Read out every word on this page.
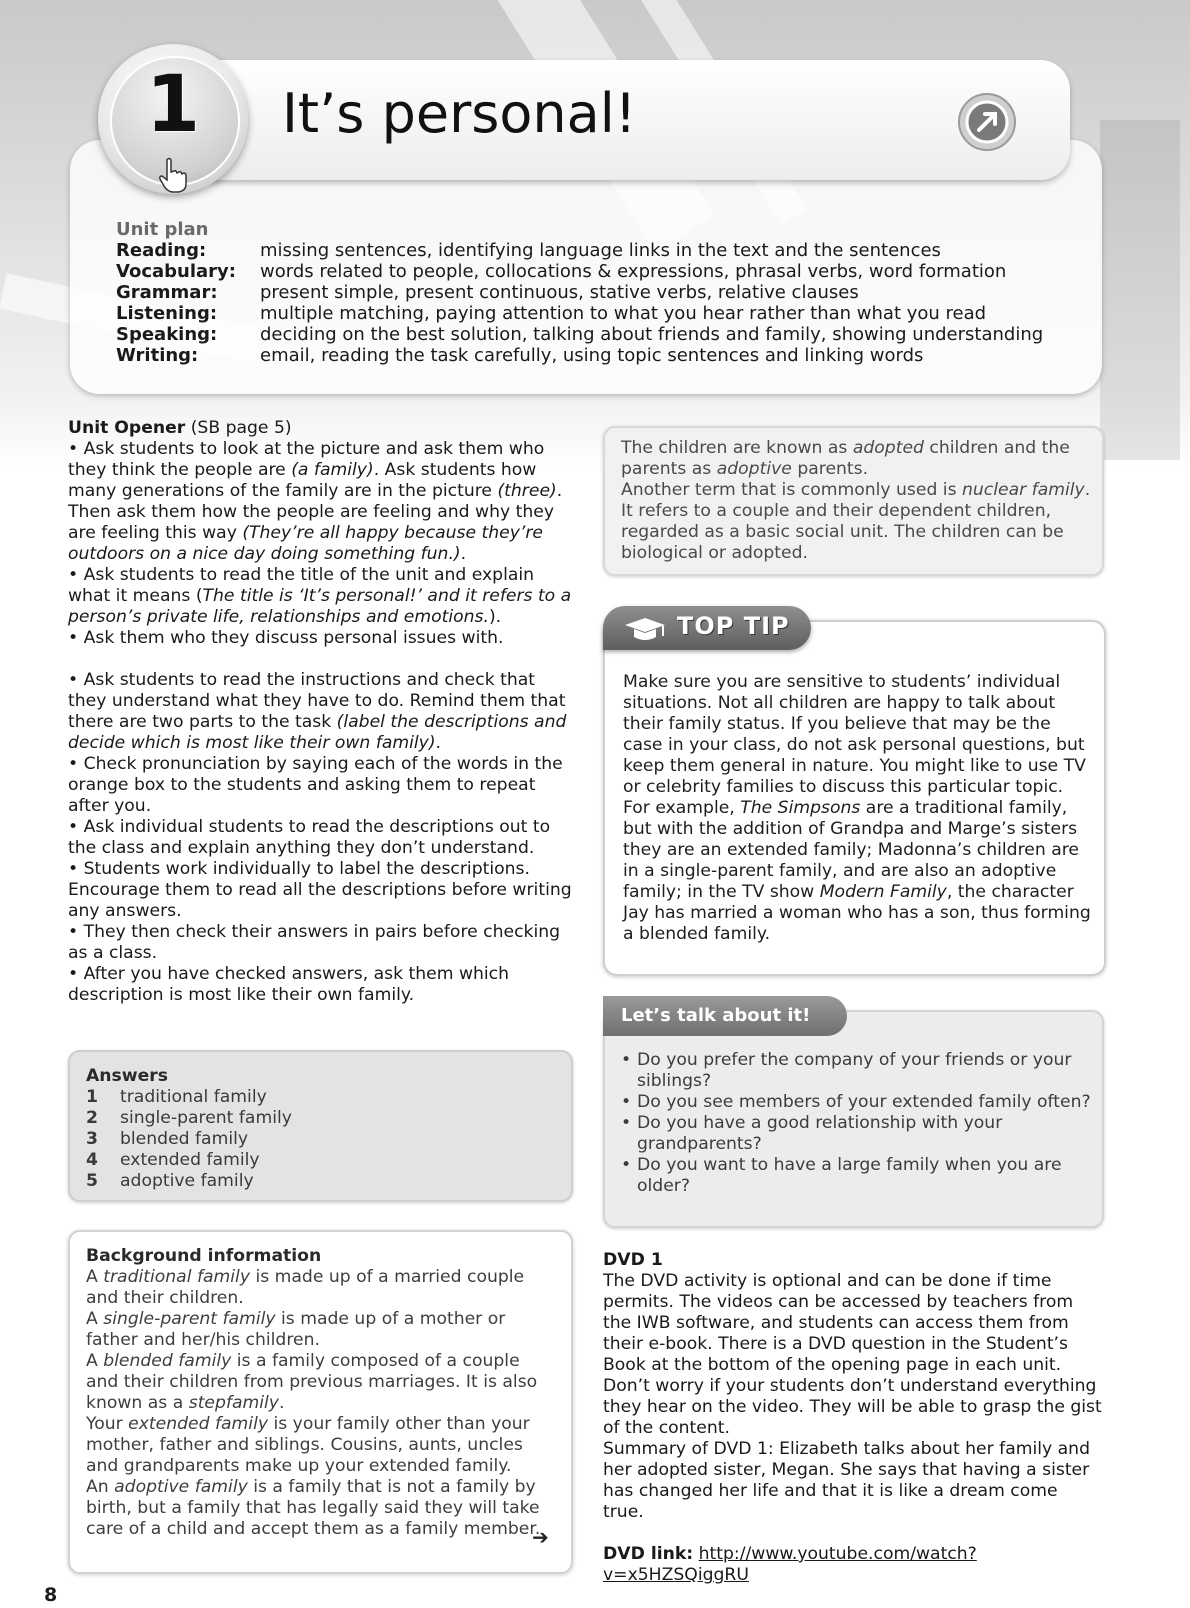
It’s personal!
1
Unit plan
Reading:	missing sentences, identifying language links in the text and the sentences
Vocabulary:	words related to people, collocations & expressions, phrasal verbs, word formation
Grammar:	present simple, present continuous, stative verbs, relative clauses
Listening:	multiple matching, paying attention to what you hear rather than what you read
Speaking:	deciding on the best solution, talking about friends and family, showing understanding
Writing:	email, reading the task carefully, using topic sentences and linking words

Unit Opener (SB page 5)

• Ask students to look at the picture and ask them who they think the people are (a family). Ask students how many generations of the family are in the picture (three). Then ask them how the people are feeling and why they are feeling this way (They’re all happy because they’re outdoors on a nice day doing something fun.).

• Ask students to read the title of the unit and explain what it means (The title is ‘It’s personal!’ and it refers to a person’s private life, relationships and emotions.).

• Ask them who they discuss personal issues with.

• Ask students to read the instructions and check that they understand what they have to do. Remind them that there are two parts to the task (label the descriptions and decide which is most like their own family).

• Check pronunciation by saying each of the words in the orange box to the students and asking them to repeat after you.

• Ask individual students to read the descriptions out to the class and explain anything they don’t understand.

• Students work individually to label the descriptions. Encourage them to read all the descriptions before writing any answers.

• They then check their answers in pairs before checking as a class.

• After you have checked answers, ask them which description is most like their own family.

Answers
1	traditional family
2	single-parent family
3	blended family
4	extended family
5	adoptive family
Background information
A traditional family is made up of a married couple and their children.
A single-parent family is made up of a mother or father and her/his children.
A blended family is a family composed of a couple and their children from previous marriages. It is also known as a stepfamily.
Your extended family is your family other than your mother, father and siblings. Cousins, aunts, uncles and grandparents make up your extended family.
An adoptive family is a family that is not a family by birth, but a family that has legally said they will take care of a child and accept them as a family member.
➔
The children are known as adopted children and the parents as adoptive parents.
Another term that is commonly used is nuclear family. It refers to a couple and their dependent children, regarded as a basic social unit. The children can be biological or adopted.
Make sure you are sensitive to students’ individual situations. Not all children are happy to talk about their family status. If you believe that may be the case in your class, do not ask personal questions, but keep them general in nature. You might like to use TV or celebrity families to discuss this particular topic. For example, The Simpsons are a traditional family, but with the addition of Grandpa and Marge’s sisters they are an extended family; Madonna’s children are in a single-parent family, and are also an adoptive family; in the TV show Modern Family, the character Jay has married a woman who has a son, thus forming a blended family.
TOP TIP
• Do you prefer the company of your friends or your siblings?
• Do you see members of your extended family often?
• Do you have a good relationship with your grandparents?
• Do you want to have a large family when you are older?
Let’s talk about it!

DVD 1

The DVD activity is optional and can be done if time permits. The videos can be accessed by teachers from the IWB software, and students can access them from their e-book. There is a DVD question in the Student’s Book at the bottom of the opening page in each unit. Don’t worry if your students don’t understand everything they hear on the video. They will be able to grasp the gist of the content.

Summary of DVD 1: Elizabeth talks about her family and her adopted sister, Megan. She says that having a sister has changed her life and that it is like a dream come true.

DVD link: http://www.youtube.com/watch?v=x5HZSQiggRU

8
